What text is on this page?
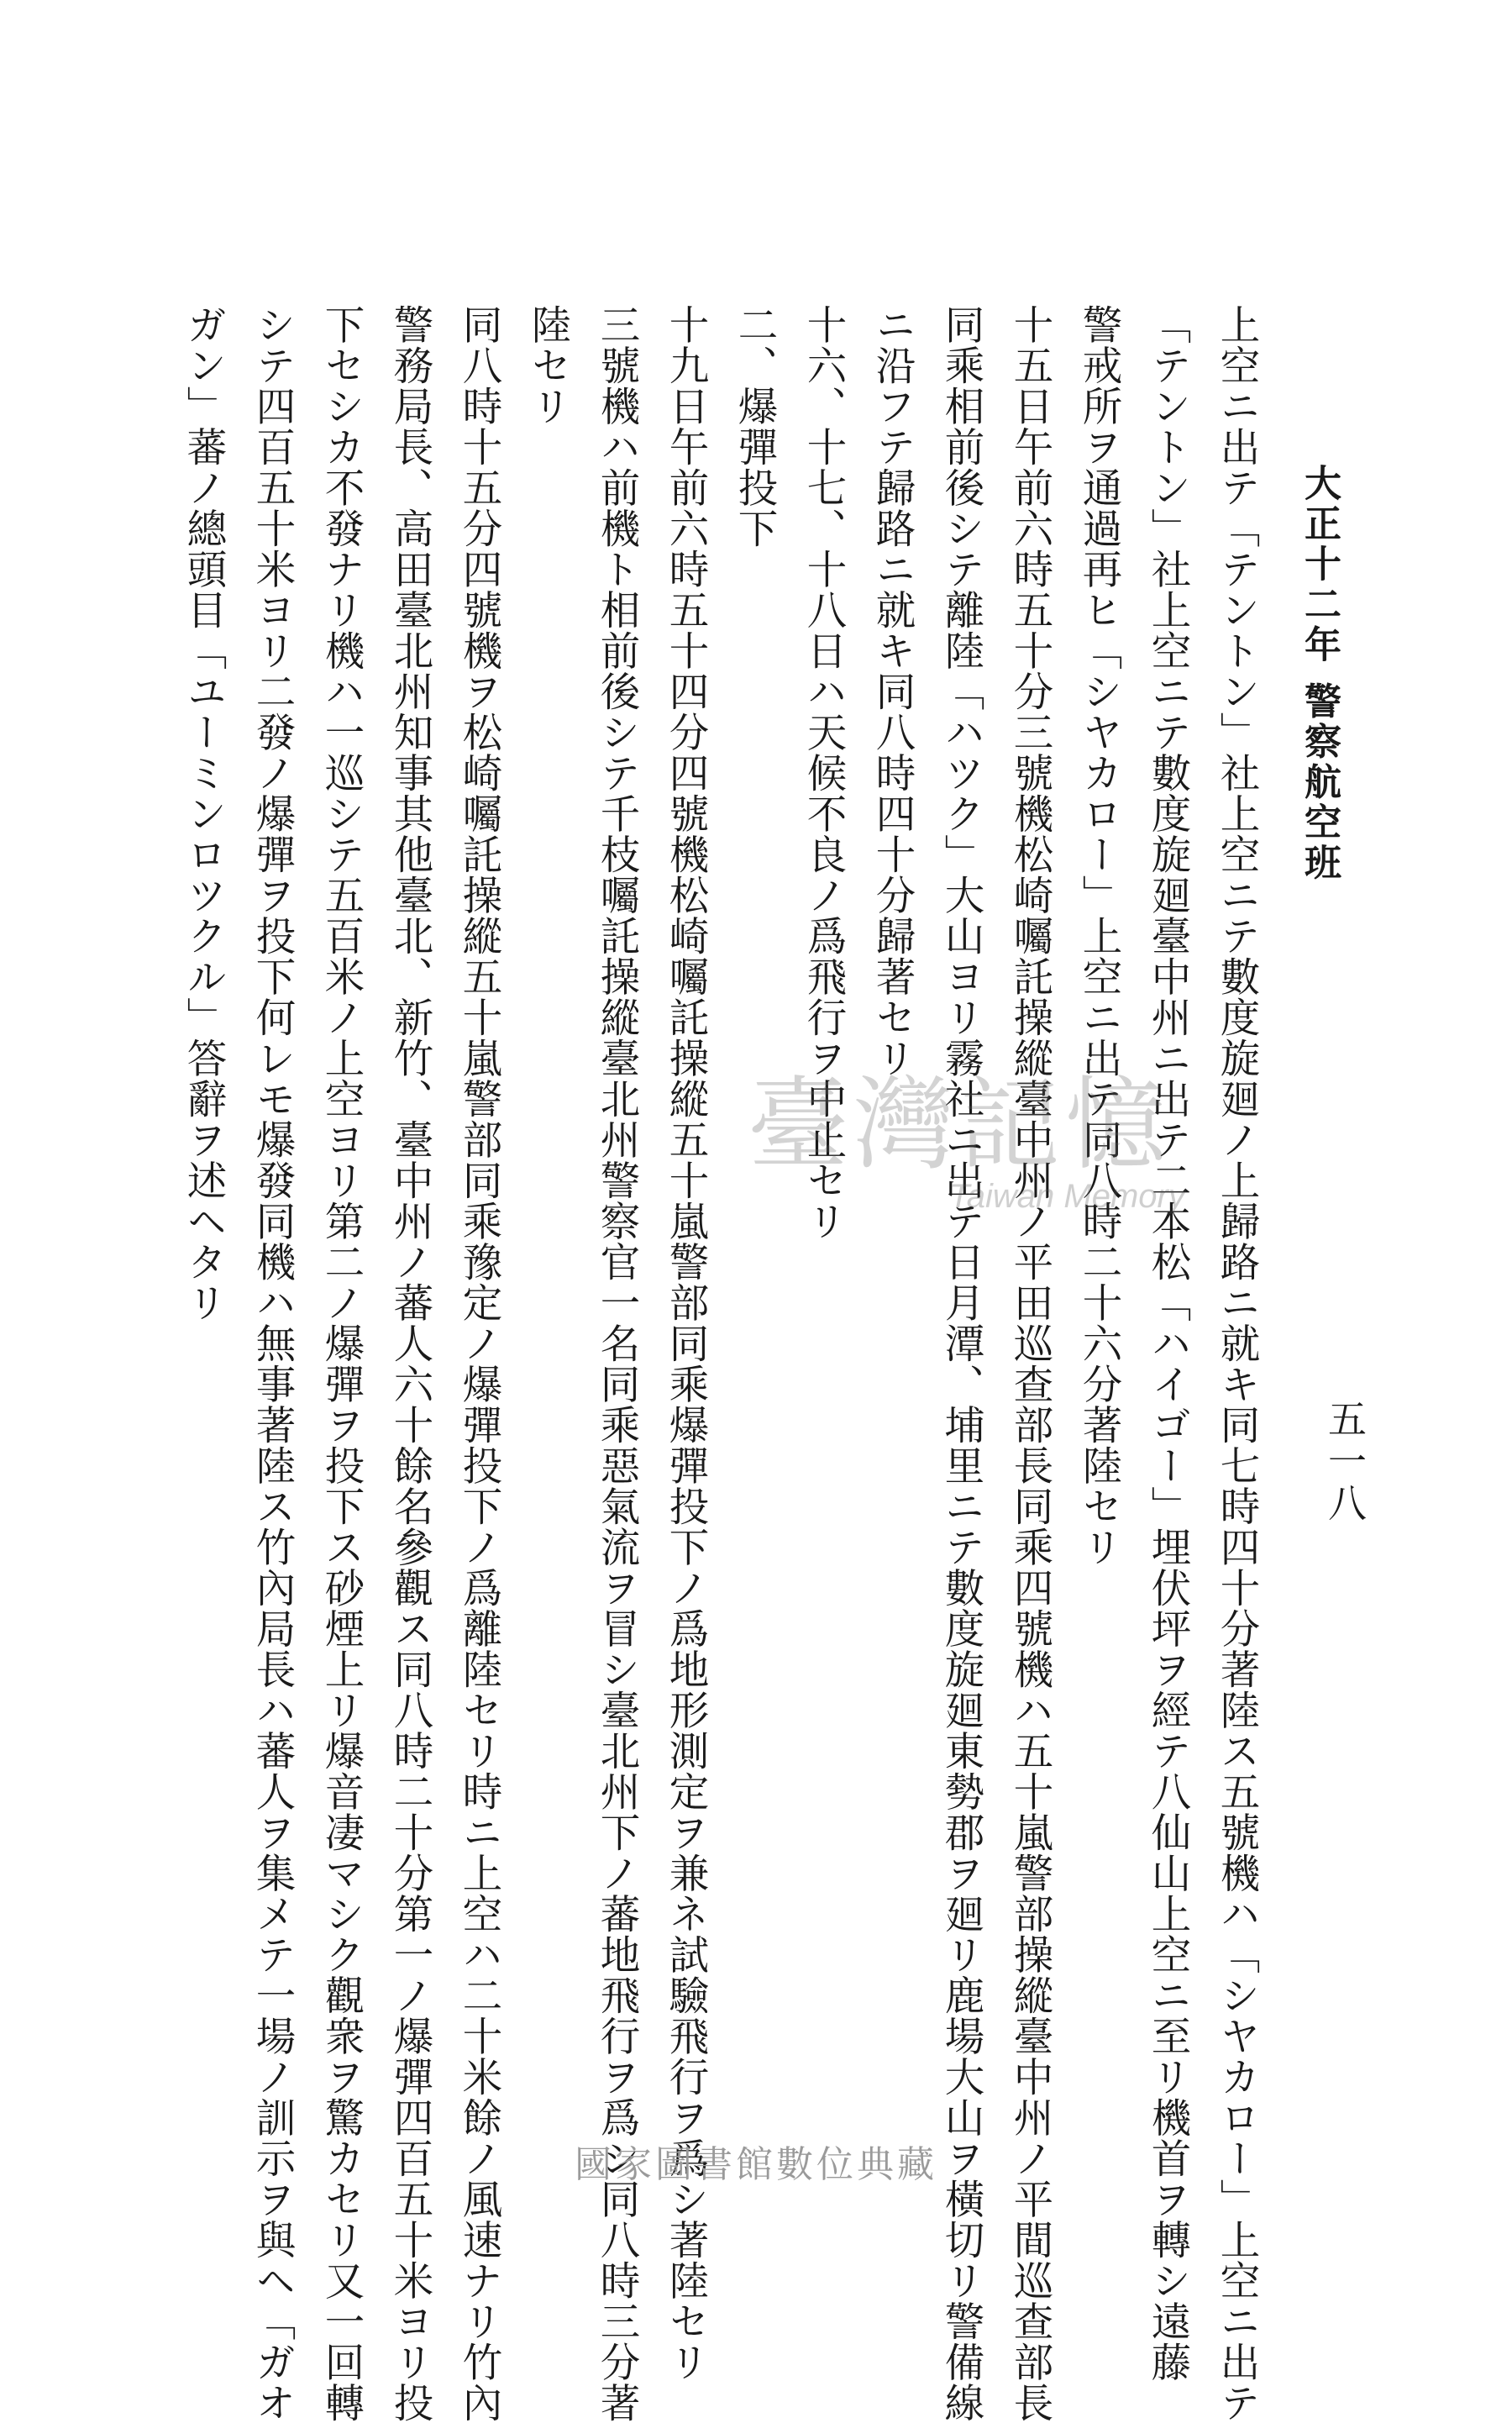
大正十二年 警察航空班
五一八
上空ニ出テ「テントン」社上空ニテ數度旋廻ノ上歸路ニ就キ同七時四十分著陸ス五號機ハ「シヤカロー」上空ニ出テ
「テントン」社上空ニテ數度旋廻臺中州ニ出テ二本松「ハイゴー」埋伏坪ヲ經テ八仙山上空ニ至リ機首ヲ轉シ遠藤
警戒所ヲ通過再ヒ「シヤカロー」上空ニ出テ同八時二十六分著陸セリ
十五日午前六時五十分三號機松崎囑託操縱臺中州ノ平田巡查部長同乘四號機ハ五十嵐警部操縱臺中州ノ平間巡查部長
同乘相前後シテ離陸「ハツク」大山ヨリ霧社ニ出テ日月潭、埔里ニテ數度旋廻東勢郡ヲ廻リ鹿場大山ヲ橫切リ警備線
ニ沿フテ歸路ニ就キ同八時四十分歸著セリ
十六、十七、十八日ハ天候不良ノ爲飛行ヲ中止セリ
二、爆彈投下
十九日午前六時五十四分四號機松崎囑託操縱五十嵐警部同乘爆彈投下ノ爲地形測定ヲ兼ネ試驗飛行ヲ爲シ著陸セリ
三號機ハ前機ト相前後シテ千枝囑託操縱臺北州警察官一名同乘惡氣流ヲ冒シ臺北州下ノ蕃地飛行ヲ爲シ同八時三分著
陸セリ
同八時十五分四號機ヲ松崎囑託操縱五十嵐警部同乘豫定ノ爆彈投下ノ爲離陸セリ時ニ上空ハ二十米餘ノ風速ナリ竹內
警務局長、高田臺北州知事其他臺北、新竹、臺中州ノ蕃人六十餘名參觀ス同八時二十分第一ノ爆彈四百五十米ヨリ投
下セシカ不發ナリ機ハ一巡シテ五百米ノ上空ヨリ第二ノ爆彈ヲ投下ス砂煙上リ爆音凄マシク觀衆ヲ驚カセリ又一回轉
シテ四百五十米ヨリ二發ノ爆彈ヲ投下何レモ爆發同機ハ無事著陸ス竹內局長ハ蕃人ヲ集メテ一場ノ訓示ヲ與ヘ「ガオ
ガン」蕃ノ總頭目「ユーミンロツクル」答辭ヲ述ヘタリ	臺灣記憶
Taiwan Memory
國家圖書館數位典藏
